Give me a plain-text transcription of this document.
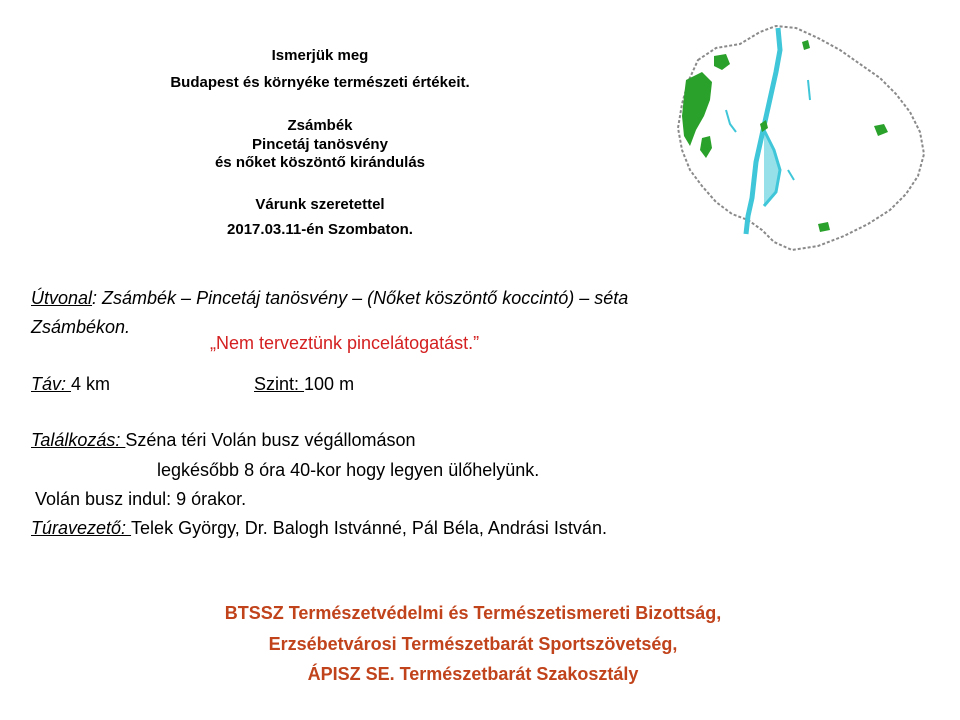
Ismerjük meg
Budapest és környéke természeti értékeit.
Zsámbék
Pincetáj tanösvény
és nőket köszöntő kirándulás
Várunk szeretettel
2017.03.11-én Szombaton.
Útvonal: Zsámbék – Pincetáj tanösvény – (Nőket köszöntő koccintó) – séta
Zsámbékon.
„Nem terveztünk pincelátogatást.”
Táv: 4 km	Szint: 100 m
Találkozás: Széna téri Volán busz végállomáson
legkésőbb 8 óra 40-kor hogy legyen ülőhelyünk.
Volán busz indul: 9 órakor.
Túravezető: Telek György, Dr. Balogh Istvánné, Pál Béla, Andrási István.
BTSSZ Természetvédelmi és Természetismereti Bizottság,
Erzsébetvárosi Természetbarát Sportszövetség,
ÁPISZ SE. Természetbarát Szakosztály
